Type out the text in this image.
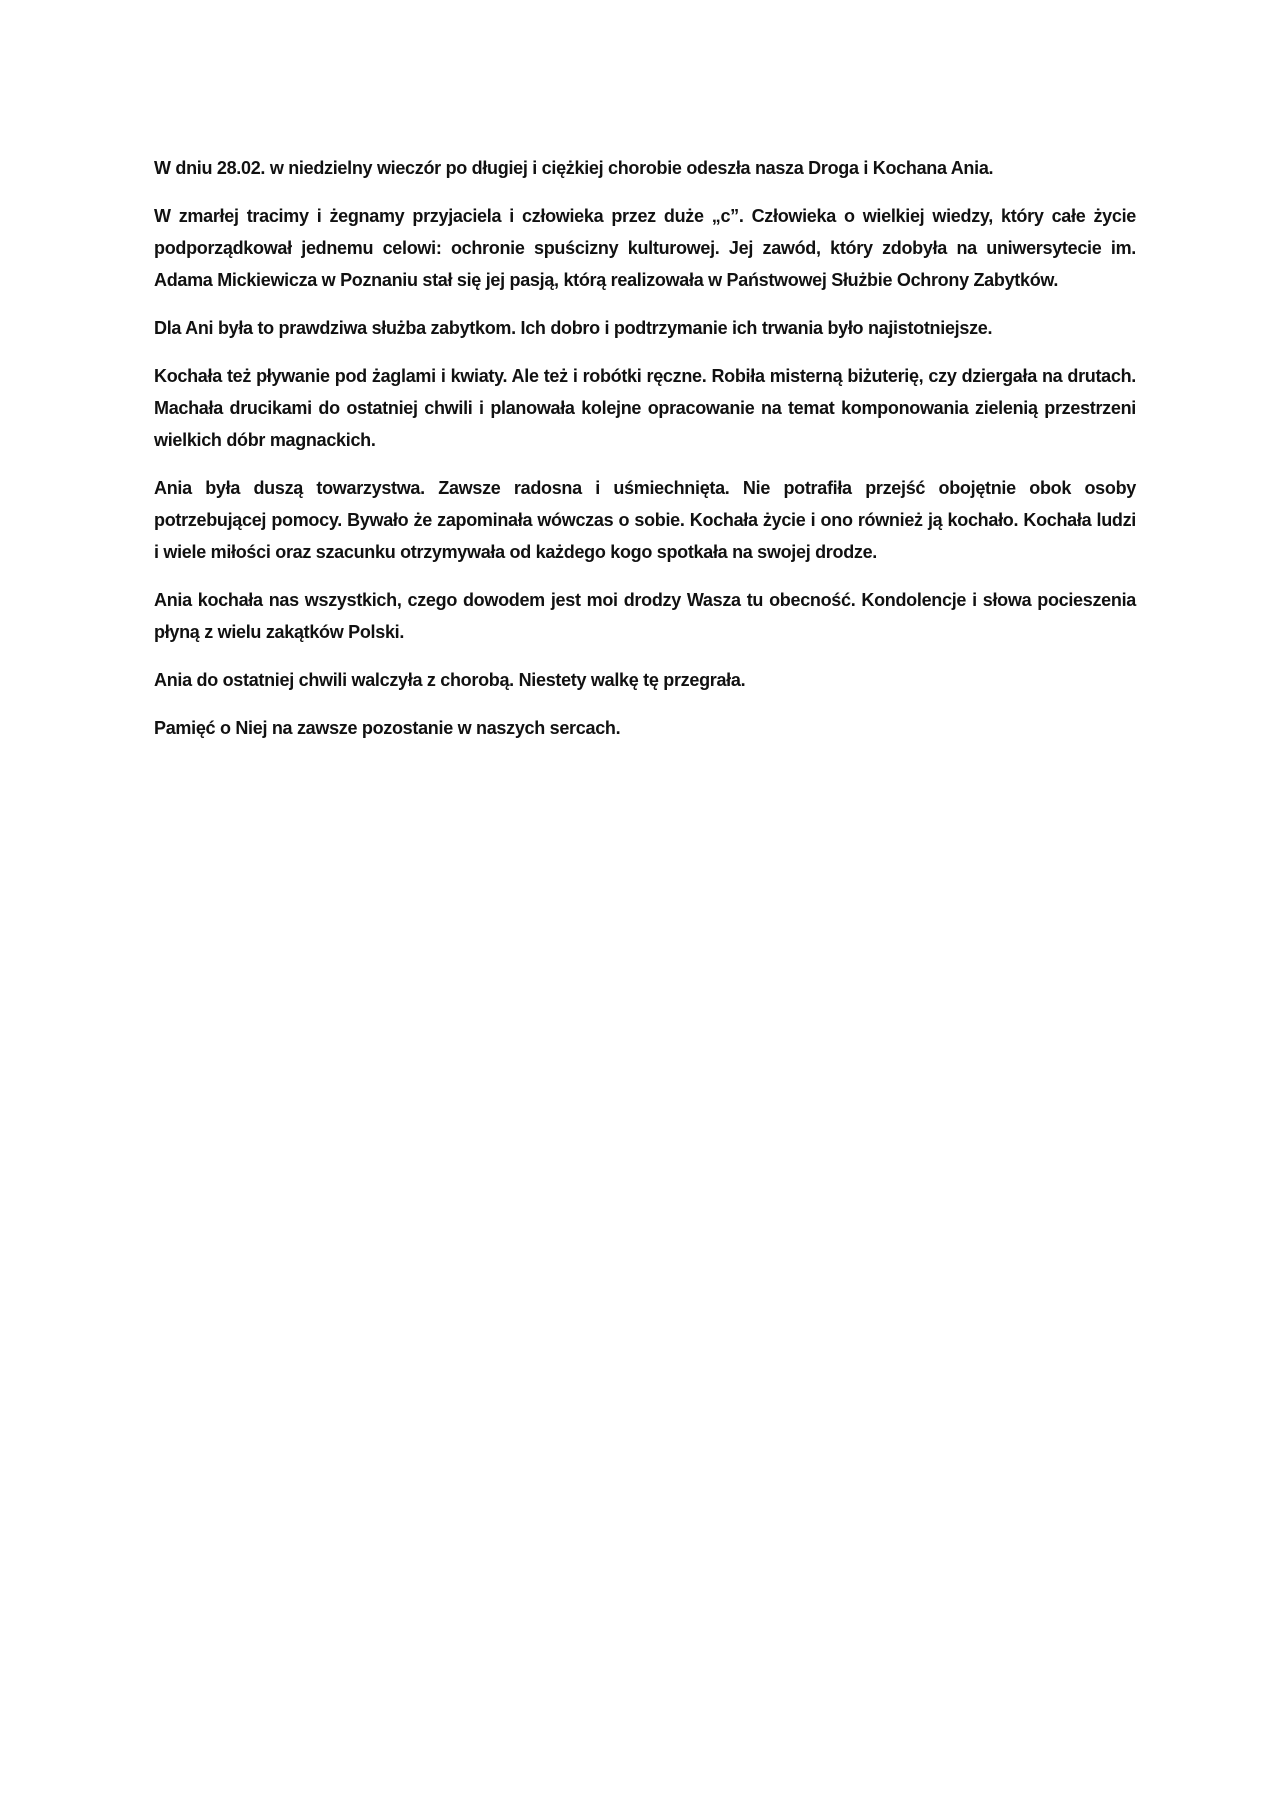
W dniu 28.02. w niedzielny wieczór po długiej i ciężkiej chorobie odeszła nasza Droga i Kochana Ania.

W zmarłej tracimy i żegnamy przyjaciela i człowieka przez duże „c”. Człowieka o wielkiej wiedzy, który całe życie podporządkował jednemu celowi: ochronie spuścizny kulturowej. Jej zawód, który zdobyła na uniwersytecie im. Adama Mickiewicza w Poznaniu stał się jej pasją, którą realizowała w Państwowej Służbie Ochrony Zabytków.

Dla Ani była to prawdziwa służba zabytkom. Ich dobro i podtrzymanie ich trwania było najistotniejsze.

Kochała też pływanie pod żaglami i kwiaty. Ale też i robótki ręczne. Robiła misterną biżuterię, czy dziergała na drutach. Machała drucikami do ostatniej chwili i planowała kolejne opracowanie na temat komponowania zielenią przestrzeni wielkich dóbr magnackich.

Ania była duszą towarzystwa. Zawsze radosna i uśmiechnięta. Nie potrafiła przejść obojętnie obok osoby potrzebującej pomocy. Bywało że zapominała wówczas o sobie. Kochała życie i ono również ją kochało. Kochała ludzi i wiele miłości oraz szacunku otrzymywała od każdego kogo spotkała na swojej drodze.

Ania kochała nas wszystkich, czego dowodem jest moi drodzy Wasza tu obecność. Kondolencje i słowa pocieszenia płyną z wielu zakątków Polski.

Ania do ostatniej chwili walczyła z chorobą. Niestety walkę tę przegrała.

Pamięć o Niej na zawsze pozostanie w naszych sercach.
